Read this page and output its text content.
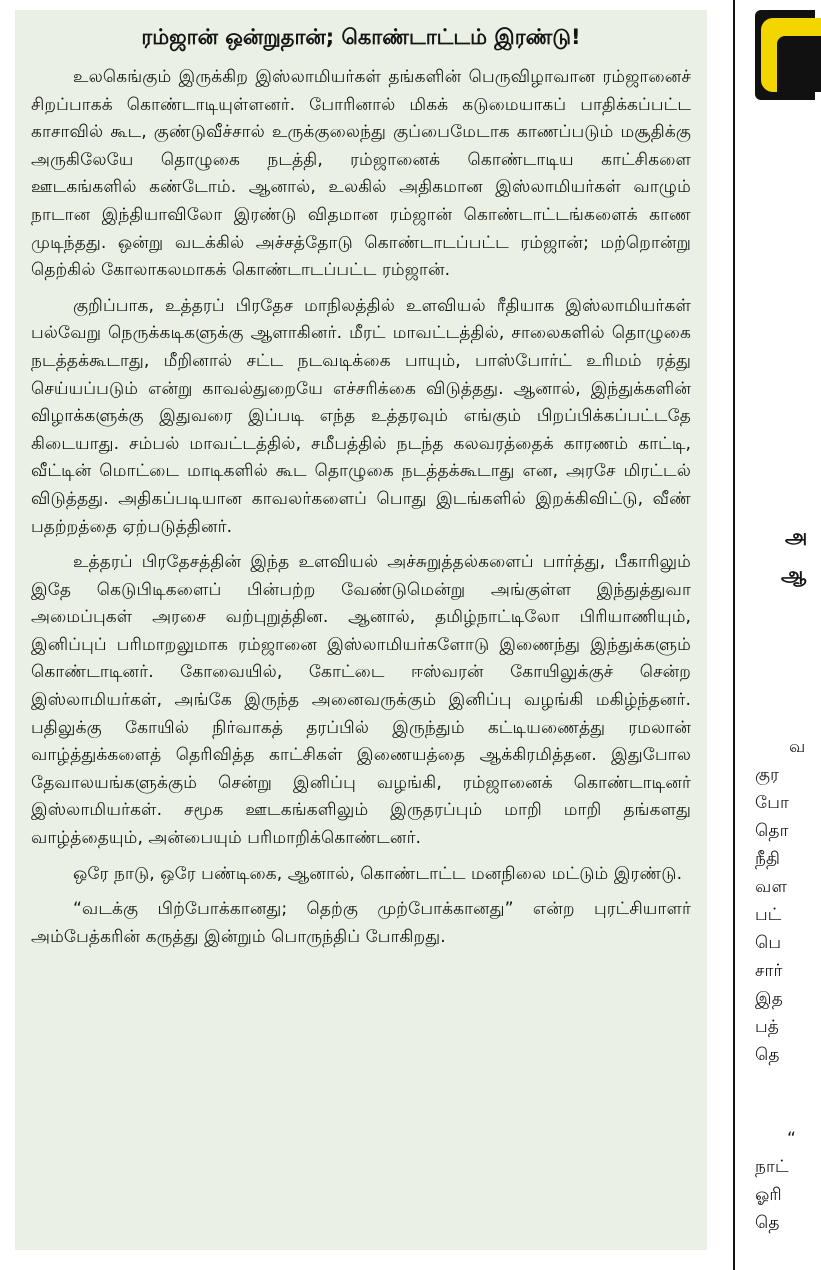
ரம்ஜான் ஒன்றுதான்; கொண்டாட்டம் இரண்டு!

உலகெங்கும் இருக்கிற இஸ்லாமியர்கள் தங்களின் பெருவிழாவான ரம்ஜானைச் சிறப்பாகக் கொண்டாடியுள்ளனர். போரினால் மிகக் கடுமையாகப் பாதிக்கப்பட்ட காசாவில் கூட, குண்டுவீச்சால் உருக்குலைந்து குப்பைமேடாக காணப்படும் மசூதிக்கு அருகிலேயே தொழுகை நடத்தி, ரம்ஜானைக் கொண்டாடிய காட்சிகளை ஊடகங்களில் கண்டோம். ஆனால், உலகில் அதிகமான இஸ்லாமியர்கள் வாழும் நாடான இந்தியாவிலோ இரண்டு விதமான ரம்ஜான் கொண்டாட்டங்களைக் காண முடிந்தது. ஒன்று வடக்கில் அச்சத்தோடு கொண்டாடப்பட்ட ரம்ஜான்; மற்றொன்று தெற்கில் கோலாகலமாகக் கொண்டாடப்பட்ட ரம்ஜான்.

குறிப்பாக, உத்தரப் பிரதேச மாநிலத்தில் உளவியல் ரீதியாக இஸ்லாமியர்கள் பல்வேறு நெருக்கடிகளுக்கு ஆளாகினர். மீரட் மாவட்டத்தில், சாலைகளில் தொழுகை நடத்தக்கூடாது, மீறினால் சட்ட நடவடிக்கை பாயும், பாஸ்போர்ட் உரிமம் ரத்து செய்யப்படும் என்று காவல்துறையே எச்சரிக்கை விடுத்தது. ஆனால், இந்துக்களின் விழாக்களுக்கு இதுவரை இப்படி எந்த உத்தரவும் எங்கும் பிறப்பிக்கப்பட்டதே கிடையாது. சம்பல் மாவட்டத்தில், சமீபத்தில் நடந்த கலவரத்தைக் காரணம் காட்டி, வீட்டின் மொட்டை மாடிகளில் கூட தொழுகை நடத்தக்கூடாது என, அரசே மிரட்டல் விடுத்தது. அதிகப்படியான காவலர்களைப் பொது இடங்களில் இறக்கிவிட்டு, வீண் பதற்றத்தை ஏற்படுத்தினர்.

உத்தரப் பிரதேசத்தின் இந்த உளவியல் அச்சுறுத்தல்களைப் பார்த்து, பீகாரிலும் இதே கெடுபிடிகளைப் பின்பற்ற வேண்டுமென்று அங்குள்ள இந்துத்துவா அமைப்புகள் அரசை வற்புறுத்தின. ஆனால், தமிழ்நாட்டிலோ பிரியாணியும், இனிப்புப் பரிமாறலுமாக ரம்ஜானை இஸ்லாமியர்களோடு இணைந்து இந்துக்களும் கொண்டாடினர். கோவையில், கோட்டை ஈஸ்வரன் கோயிலுக்குச் சென்ற இஸ்லாமியர்கள், அங்கே இருந்த அனைவருக்கும் இனிப்பு வழங்கி மகிழ்ந்தனர். பதிலுக்கு கோயில் நிர்வாகத் தரப்பில் இருந்தும் கட்டியணைத்து ரமலான் வாழ்த்துக்களைத் தெரிவித்த காட்சிகள் இணையத்தை ஆக்கிரமித்தன. இதுபோல தேவாலயங்களுக்கும் சென்று இனிப்பு வழங்கி, ரம்ஜானைக் கொண்டாடினர் இஸ்லாமியர்கள். சமூக ஊடகங்களிலும் இருதரப்பும் மாறி மாறி தங்களது வாழ்த்தையும், அன்பையும் பரிமாறிக்கொண்டனர்.

ஒரே நாடு, ஒரே பண்டிகை, ஆனால், கொண்டாட்ட மனநிலை மட்டும் இரண்டு.

“வடக்கு பிற்போக்கானது; தெற்கு முற்போக்கானது” என்ற புரட்சியாளர் அம்பேத்கரின் கருத்து இன்றும் பொருந்திப் போகிறது.

அ
ஆ
வ
குர
போ
தொ
நீதி
வள
பட்
பெ
சார்
இத
பத்
தெ
“
நாட்
ஓரி
தெ
